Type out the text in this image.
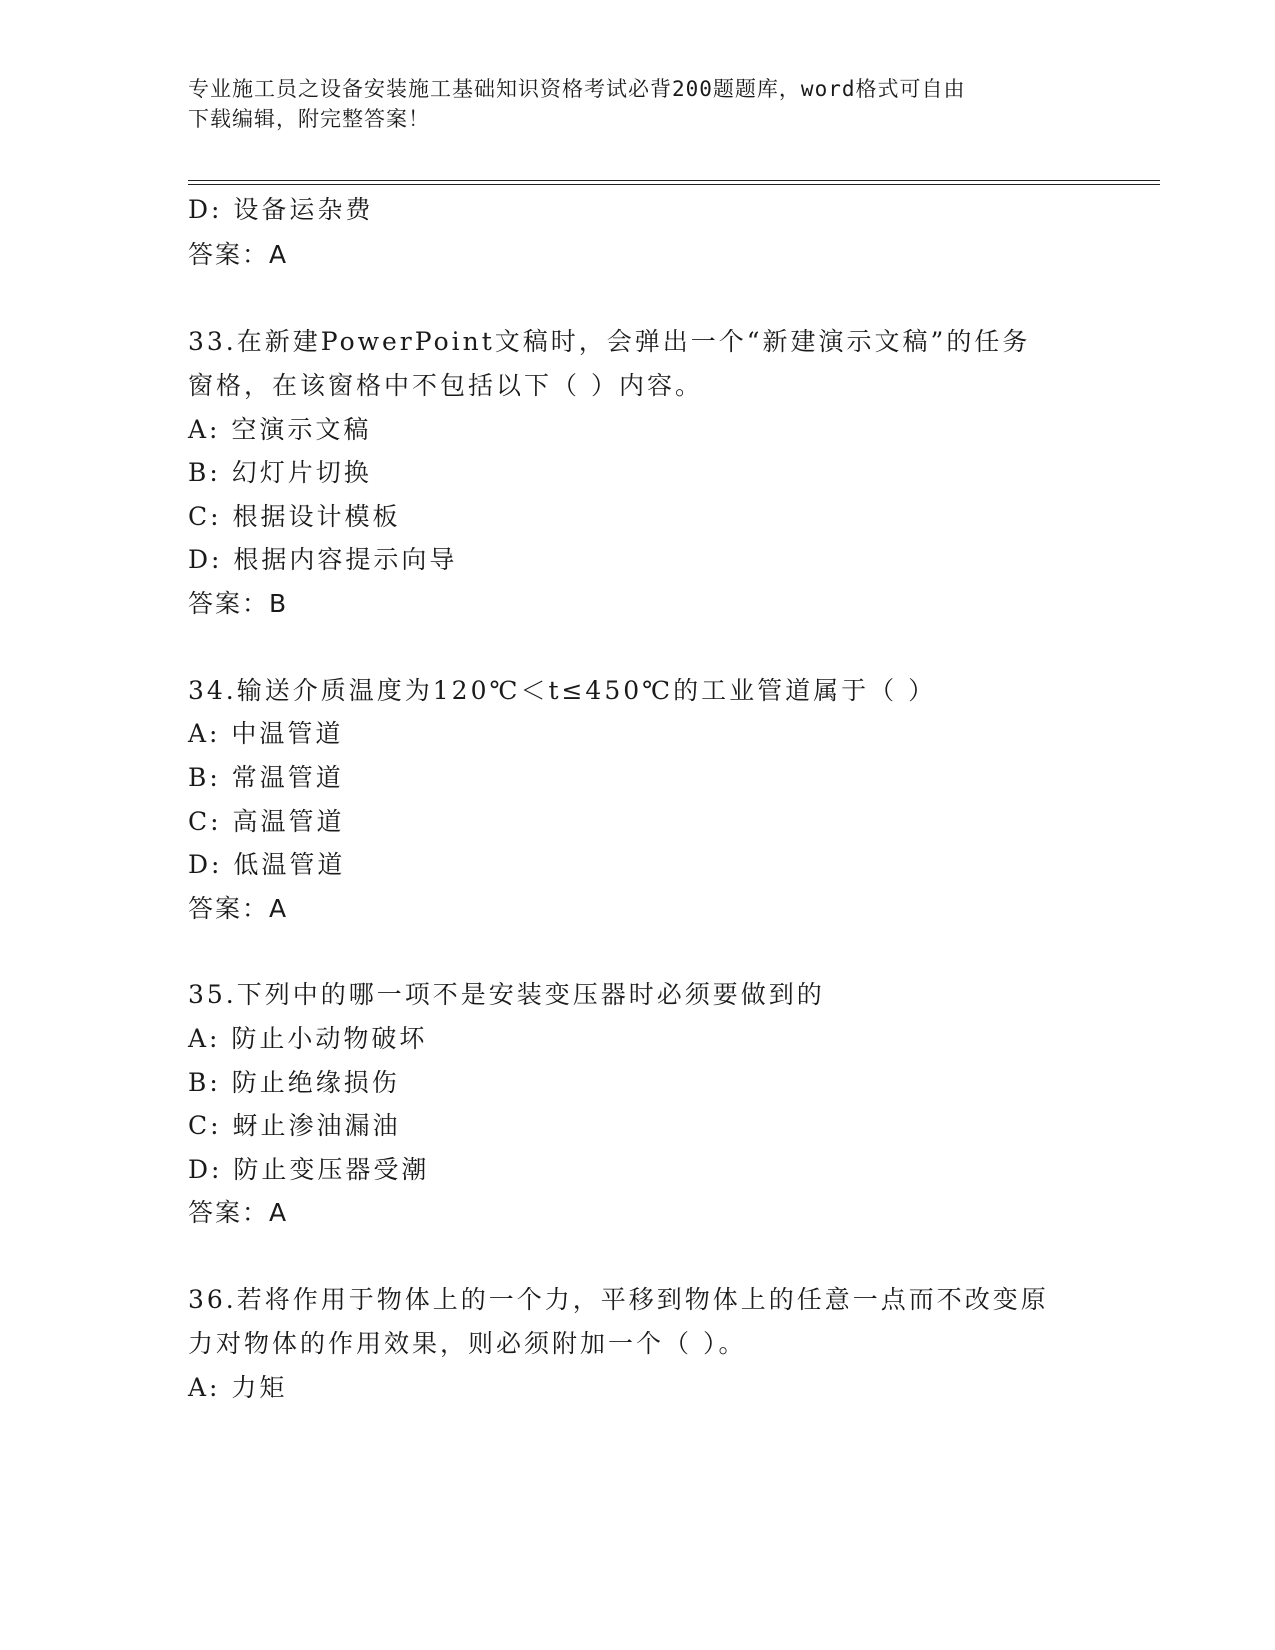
专业施工员之设备安装施工基础知识资格考试必背200题题库，word格式可自由
下载编辑，附完整答案！
D: 设备运杂费
答案：A
33.在新建PowerPoint文稿时，会弹出一个“新建演示文稿”的任务
窗格，在该窗格中不包括以下（ ）内容。
A: 空演示文稿
B: 幻灯片切换
C: 根据设计模板
D: 根据内容提示向导
答案：B
34.输送介质温度为120℃＜t≤450℃的工业管道属于（ ）
A: 中温管道
B: 常温管道
C: 高温管道
D: 低温管道
答案：A
35.下列中的哪一项不是安装变压器时必须要做到的
A: 防止小动物破坏
B: 防止绝缘损伤
C: 蚜止渗油漏油
D: 防止变压器受潮
答案：A
36.若将作用于物体上的一个力，平移到物体上的任意一点而不改变原
力对物体的作用效果，则必须附加一个（ ）。
A: 力矩
